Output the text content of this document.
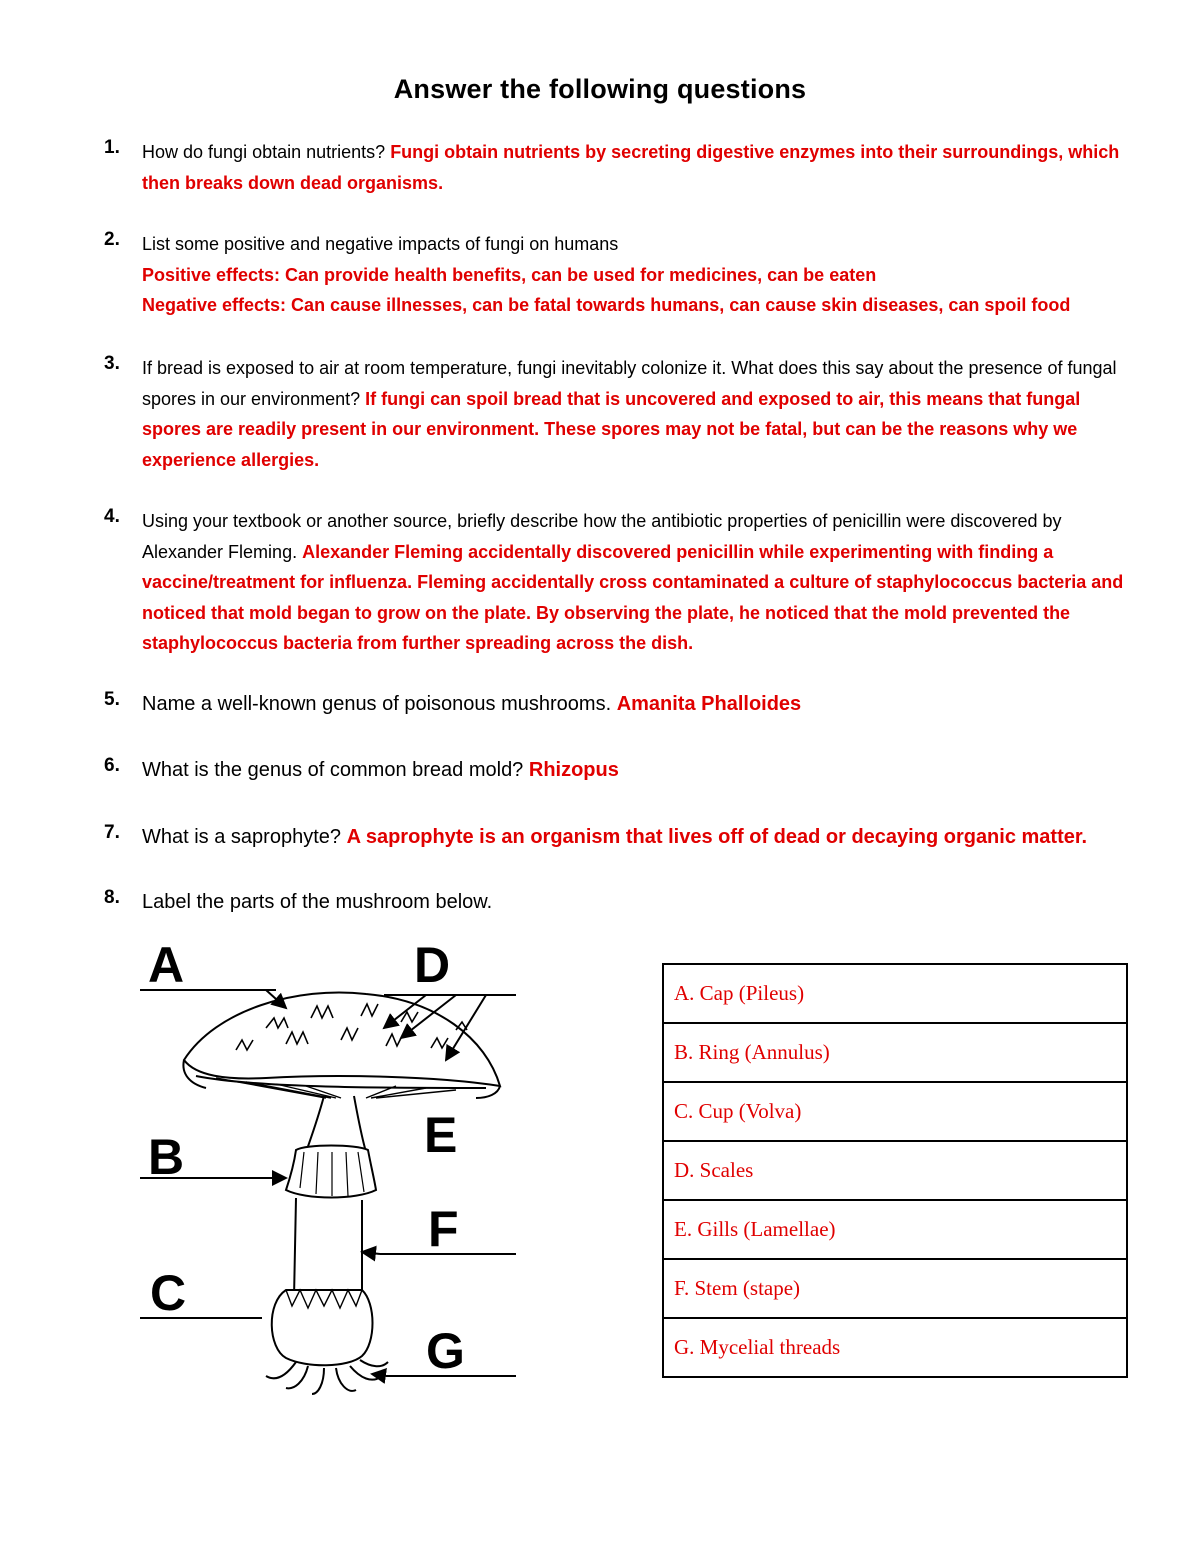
Answer the following questions
1. How do fungi obtain nutrients? Fungi obtain nutrients by secreting digestive enzymes into their surroundings, which then breaks down dead organisms.
2. List some positive and negative impacts of fungi on humans
Positive effects: Can provide health benefits, can be used for medicines, can be eaten
Negative effects: Can cause illnesses, can be fatal towards humans, can cause skin diseases, can spoil food
3. If bread is exposed to air at room temperature, fungi inevitably colonize it. What does this say about the presence of fungal spores in our environment? If fungi can spoil bread that is uncovered and exposed to air, this means that fungal spores are readily present in our environment. These spores may not be fatal, but can be the reasons why we experience allergies.
4. Using your textbook or another source, briefly describe how the antibiotic properties of penicillin were discovered by Alexander Fleming. Alexander Fleming accidentally discovered penicillin while experimenting with finding a vaccine/treatment for influenza. Fleming accidentally cross contaminated a culture of staphylococcus bacteria and noticed that mold began to grow on the plate. By observing the plate, he noticed that the mold prevented the staphylococcus bacteria from further spreading across the dish.
5. Name a well-known genus of poisonous mushrooms. Amanita Phalloides
6. What is the genus of common bread mold? Rhizopus
7. What is a saprophyte? A saprophyte is an organism that lives off of dead or decaying organic matter.
8. Label the parts of the mushroom below.
A	D
B	E
F
C
G
A. Cap (Pileus)
B. Ring (Annulus)
C. Cup (Volva)
D. Scales
E. Gills (Lamellae)
F. Stem (stape)
G. Mycelial threads
